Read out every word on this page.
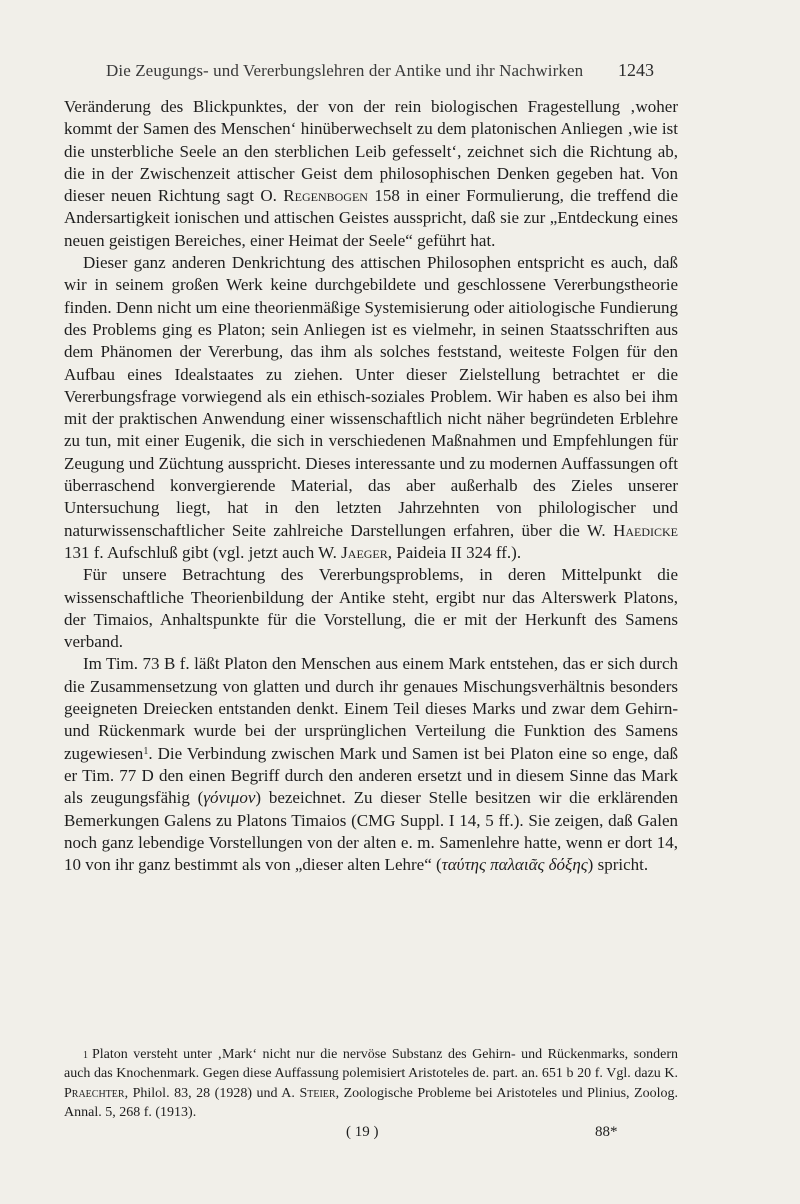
Die Zeugungs- und Vererbungslehren der Antike und ihr Nachwirken 1243

Veränderung des Blickpunktes, der von der rein biologischen Fragestellung ‚woher kommt der Samen des Menschen‘ hinüberwechselt zu dem platonischen Anliegen ‚wie ist die unsterbliche Seele an den sterblichen Leib gefesselt‘, zeichnet sich die Richtung ab, die in der Zwischenzeit attischer Geist dem philosophischen Denken gegeben hat. Von dieser neuen Richtung sagt O. Regenbogen 158 in einer Formulierung, die treffend die Andersartigkeit ionischen und attischen Geistes ausspricht, daß sie zur „Entdeckung eines neuen geistigen Bereiches, einer Heimat der Seele“ geführt hat.

Dieser ganz anderen Denkrichtung des attischen Philosophen entspricht es auch, daß wir in seinem großen Werk keine durchgebildete und geschlossene Vererbungstheorie finden. Denn nicht um eine theorienmäßige Systemisierung oder aitiologische Fundierung des Problems ging es Platon; sein Anliegen ist es vielmehr, in seinen Staatsschriften aus dem Phänomen der Vererbung, das ihm als solches feststand, weiteste Folgen für den Aufbau eines Idealstaates zu ziehen. Unter dieser Zielstellung betrachtet er die Vererbungsfrage vorwiegend als ein ethisch-soziales Problem. Wir haben es also bei ihm mit der praktischen Anwendung einer wissenschaftlich nicht näher begründeten Erblehre zu tun, mit einer Eugenik, die sich in verschiedenen Maßnahmen und Empfehlungen für Zeugung und Züchtung ausspricht. Dieses interessante und zu modernen Auffassungen oft überraschend konvergierende Material, das aber außerhalb des Zieles unserer Untersuchung liegt, hat in den letzten Jahrzehnten von philologischer und naturwissenschaftlicher Seite zahlreiche Darstellungen erfahren, über die W. Haedicke 131 f. Aufschluß gibt (vgl. jetzt auch W. Jaeger, Paideia II 324 ff.).

Für unsere Betrachtung des Vererbungsproblems, in deren Mittelpunkt die wissenschaftliche Theorienbildung der Antike steht, ergibt nur das Alterswerk Platons, der Timaios, Anhaltspunkte für die Vorstellung, die er mit der Herkunft des Samens verband.

Im Tim. 73 B f. läßt Platon den Menschen aus einem Mark entstehen, das er sich durch die Zusammensetzung von glatten und durch ihr genaues Mischungsverhältnis besonders geeigneten Dreiecken entstanden denkt. Einem Teil dieses Marks und zwar dem Gehirn- und Rückenmark wurde bei der ursprünglichen Verteilung die Funktion des Samens zugewiesen$^1$. Die Verbindung zwischen Mark und Samen ist bei Platon eine so enge, daß er Tim. 77 D den einen Begriff durch den anderen ersetzt und in diesem Sinne das Mark als zeugungsfähig (γόνιμον) bezeichnet. Zu dieser Stelle besitzen wir die erklärenden Bemerkungen Galens zu Platons Timaios (CMG Suppl. I 14, 5 ff.). Sie zeigen, daß Galen noch ganz lebendige Vorstellungen von der alten e. m. Samenlehre hatte, wenn er dort 14, 10 von ihr ganz bestimmt als von „dieser alten Lehre“ (ταύτης παλαιᾶς δόξης) spricht.

$^1$ Platon versteht unter ‚Mark‘ nicht nur die nervöse Substanz des Gehirn- und Rückenmarks, sondern auch das Knochenmark. Gegen diese Auffassung polemisiert Aristoteles de. part. an. 651 b 20 f. Vgl. dazu K. Praechter, Philol. 83, 28 (1928) und A. Steier, Zoologische Probleme bei Aristoteles und Plinius, Zoolog. Annal. 5, 268 f. (1913).

( 19 )	88*
